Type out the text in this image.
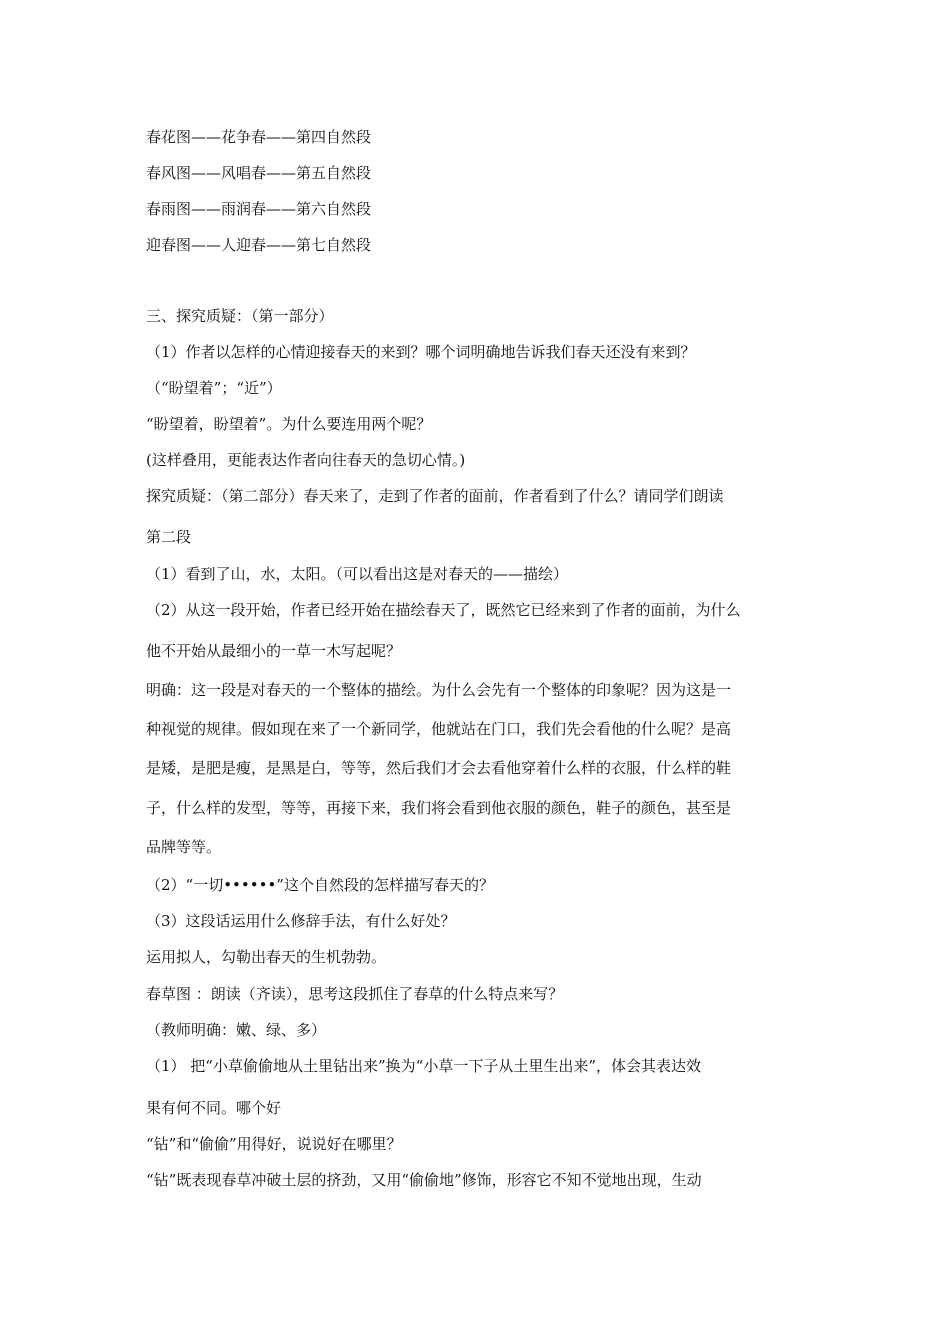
春花图——花争春——第四自然段
春风图——风唱春——第五自然段
春雨图——雨润春——第六自然段
迎春图——人迎春——第七自然段
三、探究质疑：（第一部分）
（1）作者以怎样的心情迎接春天的来到？哪个词明确地告诉我们春天还没有来到？
（“盼望着”；“近”）
“盼望着，盼望着”。为什么要连用两个呢？
(这样叠用，更能表达作者向往春天的急切心情。)
探究质疑：（第二部分）春天来了，走到了作者的面前，作者看到了什么？请同学们朗读
第二段
（1）看到了山，水，太阳。（可以看出这是对春天的——描绘）
（2）从这一段开始，作者已经开始在描绘春天了，既然它已经来到了作者的面前，为什么
他不开始从最细小的一草一木写起呢？
明确：这一段是对春天的一个整体的描绘。为什么会先有一个整体的印象呢？因为这是一
种视觉的规律。假如现在来了一个新同学，他就站在门口，我们先会看他的什么呢？是高
是矮，是肥是瘦，是黑是白，等等，然后我们才会去看他穿着什么样的衣服，什么样的鞋
子，什么样的发型，等等，再接下来，我们将会看到他衣服的颜色，鞋子的颜色，甚至是
品牌等等。
（2）“一切••••••”这个自然段的怎样描写春天的？
（3）这段话运用什么修辞手法，有什么好处？
运用拟人，勾勒出春天的生机勃勃。
春草图 ：朗读（齐读），思考这段抓住了春草的什么特点来写？
（教师明确：嫩、绿、多）
（1） 把“小草偷偷地从土里钻出来”换为“小草一下子从土里生出来”，体会其表达效
果有何不同。哪个好
“钻”和“偷偷”用得好，说说好在哪里？
“钻”既表现春草冲破土层的挤劲，又用“偷偷地”修饰，形容它不知不觉地出现，生动
